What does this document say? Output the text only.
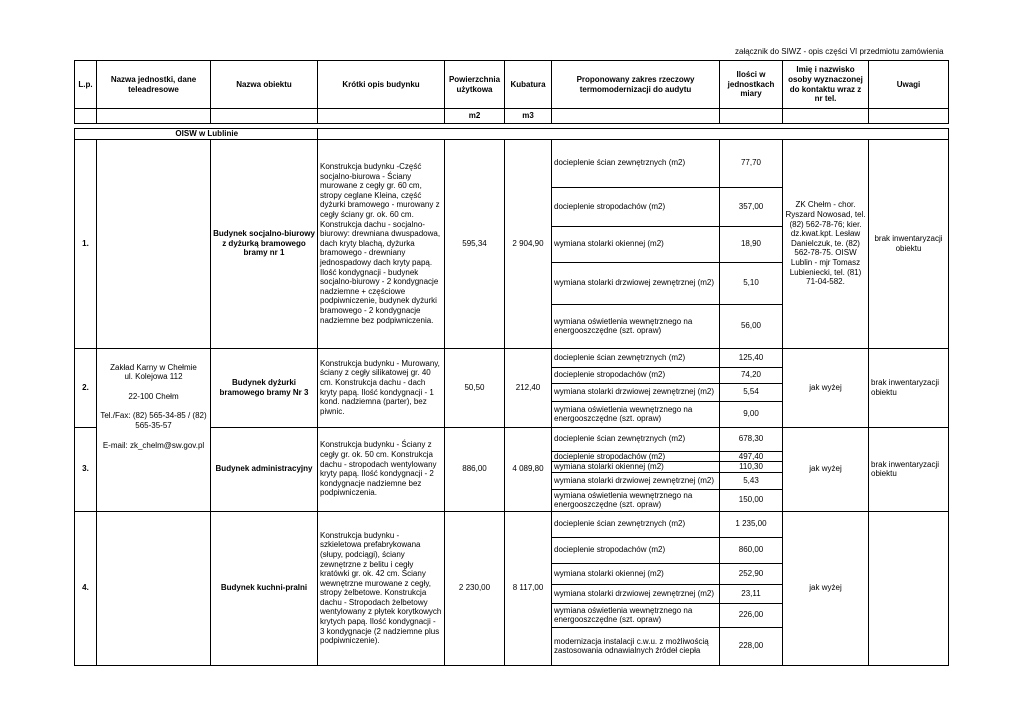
załącznik do SIWZ - opis części VI przedmiotu zamówienia
L.p.	Nazwa jednostki, dane teleadresowe	Nazwa obiektu	Krótki opis budynku	Powierzchnia użytkowa	Kubatura	Proponowany zakres rzeczowy termomodernizacji do audytu	Ilości w jednostkach miary	Imię i nazwisko osoby wyznaczonej do kontaktu wraz z nr tel.	Uwagi
				m2	m3				
	OISW w Lublinie								
1.		Budynek socjalno-biurowy z dyżurką bramowego bramy nr 1	Konstrukcja budynku -Część socjalno-biurowa - Ściany murowane z cegły gr. 60 cm, stropy ceglane Kleina, część dyżurki bramowego - murowany z cegły ściany gr. ok. 60 cm. Konstrukcja dachu - socjalno-biurowy: drewniana dwuspadowa, dach kryty blachą, dyżurka bramowego - drewniany jednospadowy dach kryty papą. Ilość kondygnacji - budynek socjalno-biurowy - 2 kondygnacje nadziemne + częściowe podpiwniczenie, budynek dyżurki bramowego - 2 kondygnacje nadziemne bez podpiwniczenia.	595,34	2 904,90	docieplenie ścian zewnętrznych (m2)	77,70	ZK Chełm - chor. Ryszard Nowosad, tel. (82) 562-78-76; kier. dz.kwat.kpt. Lesław Danielczuk, te. (82) 562-78-75. OISW Lublin - mjr Tomasz Lubieniecki, tel. (81) 71-04-582.	brak inwentaryzacji obiektu
						docieplenie stropodachów (m2)	357,00		
						wymiana stolarki okiennej (m2)	18,90		
						wymiana stolarki drzwiowej zewnętrznej (m2)	5,10		
						wymiana oświetlenia wewnętrznego na energooszczędne (szt. opraw)	56,00		
2.	Zakład Karny w Chełmie
ul. Kolejowa 112
22-100 Chełm
Tel./Fax: (82) 565-34-85 / (82) 565-35-57
E-mail: zk_chelm@sw.gov.pl	Budynek dyżurki bramowego bramy Nr 3	Konstrukcja budynku - Murowany, ściany z cegły silikatowej gr. 40 cm. Konstrukcja dachu - dach kryty papą. Ilość kondygnacji - 1 kond. nadziemna (parter), bez piwnic.	50,50	212,40	docieplenie ścian zewnętrznych (m2)	125,40	jak wyżej	brak inwentaryzacji obiektu
						docieplenie stropodachów (m2)	74,20		
						wymiana stolarki drzwiowej zewnętrznej (m2)	5,54		
						wymiana oświetlenia wewnętrznego na energooszczędne (szt. opraw)	9,00		
3.		Budynek administracyjny	Konstrukcja budynku - Ściany z cegły gr. ok. 50 cm. Konstrukcja dachu - stropodach wentylowany kryty papą. Ilość kondygnacji - 2 kondygnacje nadziemne bez podpiwniczenia.	886,00	4 089,80	docieplenie ścian zewnętrznych (m2)	678,30	jak wyżej	brak inwentaryzacji obiektu
						docieplenie stropodachów (m2)	497,40		
						wymiana stolarki okiennej (m2)	110,30		
						wymiana stolarki drzwiowej zewnętrznej (m2)	5,43		
						wymiana oświetlenia wewnętrznego na energooszczędne (szt. opraw)	150,00		
4.		Budynek kuchni-pralni	Konstrukcja budynku - szkieletowa prefabrykowana (słupy, podciągi), ściany zewnętrzne z belitu i cegły kratówki gr. ok. 42 cm. Ściany wewnętrzne murowane z cegły, stropy żelbetowe. Konstrukcja dachu - Stropodach żelbetowy wentylowany z płytek korytkowych krytych papą. Ilość kondygnacji - 3 kondygnacje (2 nadziemne plus podpiwniczenie).	2 230,00	8 117,00	docieplenie ścian zewnętrznych (m2)	1 235,00	jak wyżej	
						docieplenie stropodachów (m2)	860,00		
						wymiana stolarki okiennej (m2)	252,90		
						wymiana stolarki drzwiowej zewnętrznej (m2)	23,11		
						wymiana oświetlenia wewnętrznego na energooszczędne (szt. opraw)	226,00		
						modernizacja instalacji c.w.u. z możliwością zastosowania odnawialnych źródeł ciepła	228,00		
